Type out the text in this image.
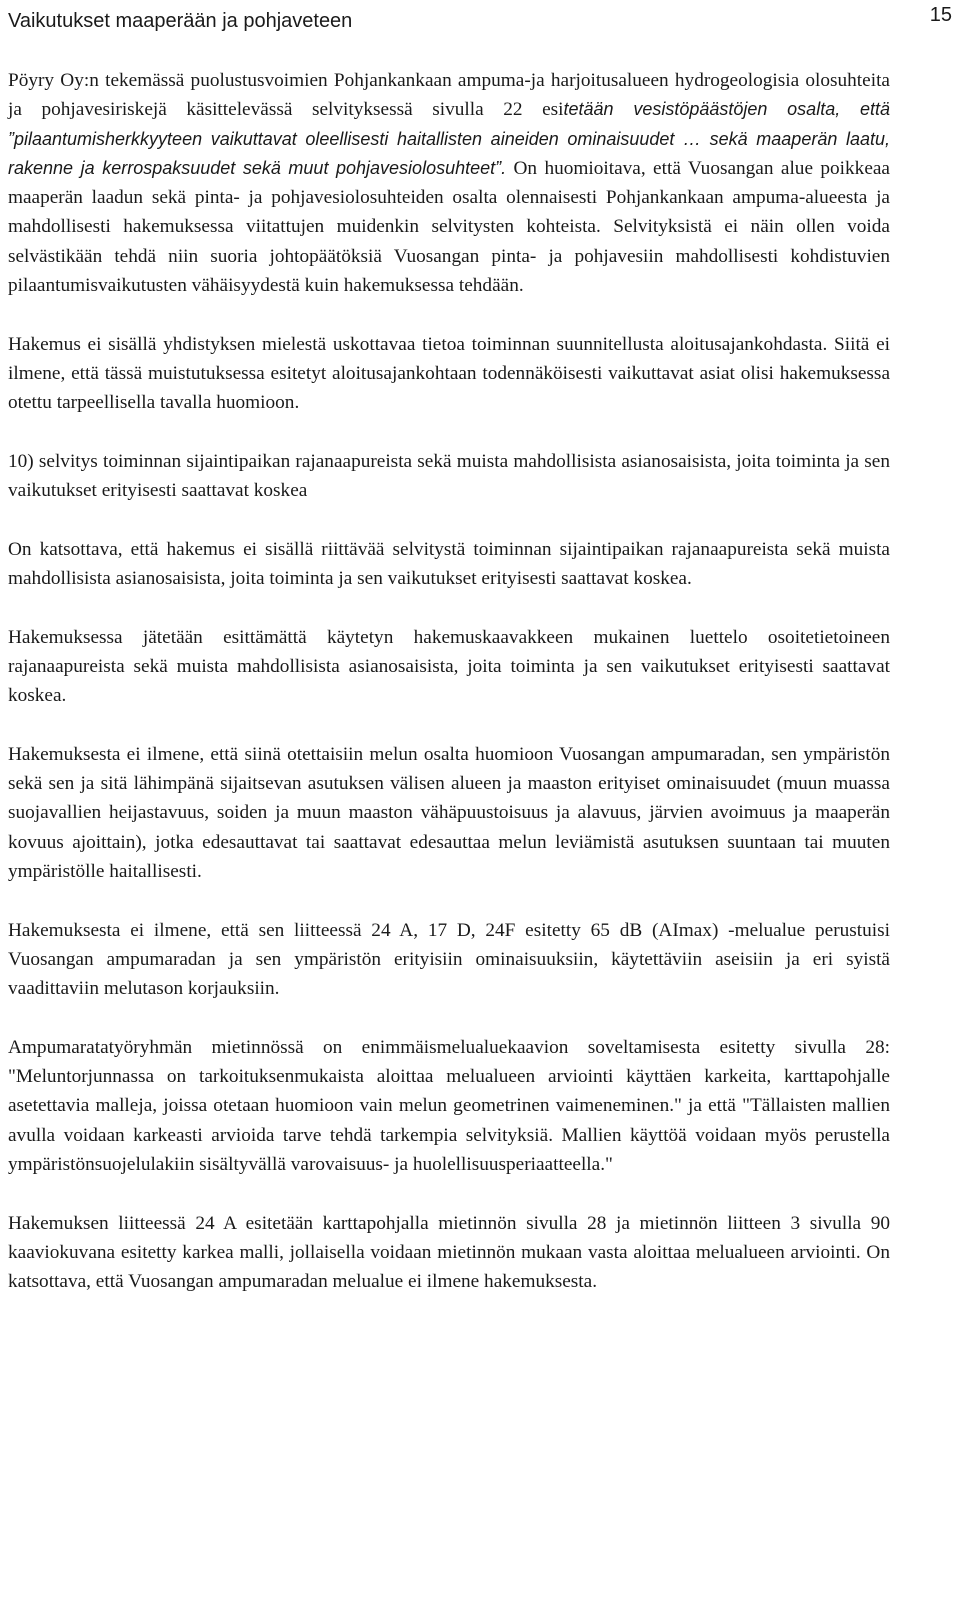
Vaikutukset maaperään ja pohjaveteen	15

Pöyry Oy:n tekemässä puolustusvoimien Pohjankankaan ampuma-ja harjoitusalueen hydrogeologisia olosuhteita ja pohjavesiriskejä käsittelevässä selvityksessä sivulla 22 esitetään vesistöpäästöjen osalta, että ”pilaantumisherkkyyteen vaikuttavat oleellisesti haitallisten aineiden ominaisuudet … sekä maaperän laatu, rakenne ja kerrospaksuudet sekä muut pohjavesiolosuhteet”. On huomioitava, että Vuosangan alue poikkeaa maaperän laadun sekä pinta- ja pohjavesiolosuhteiden osalta olennaisesti Pohjankankaan ampuma-alueesta ja mahdollisesti hakemuksessa viitattujen muidenkin selvitysten kohteista. Selvityksistä ei näin ollen voida selvästikään tehdä niin suoria johtopäätöksiä Vuosangan pinta- ja pohjavesiin mahdollisesti kohdistuvien pilaantumisvaikutusten vähäisyydestä kuin hakemuksessa tehdään.

Hakemus ei sisällä yhdistyksen mielestä uskottavaa tietoa toiminnan suunnitellusta aloitusajankohdasta. Siitä ei ilmene, että tässä muistutuksessa esitetyt aloitusajankohtaan todennäköisesti vaikuttavat asiat olisi hakemuksessa otettu tarpeellisella tavalla huomioon.

10) selvitys toiminnan sijaintipaikan rajanaapureista sekä muista mahdollisista asianosaisista, joita toiminta ja sen vaikutukset erityisesti saattavat koskea

On katsottava, että hakemus ei sisällä riittävää selvitystä toiminnan sijaintipaikan rajanaapureista sekä muista mahdollisista asianosaisista, joita toiminta ja sen vaikutukset erityisesti saattavat koskea.

Hakemuksessa jätetään esittämättä käytetyn hakemuskaavakkeen mukainen luettelo osoitetietoineen rajanaapureista sekä muista mahdollisista asianosaisista, joita toiminta ja sen vaikutukset erityisesti saattavat koskea.

Hakemuksesta ei ilmene, että siinä otettaisiin melun osalta huomioon Vuosangan ampumaradan, sen ympäristön sekä sen ja sitä lähimpänä sijaitsevan asutuksen välisen alueen ja maaston erityiset ominaisuudet (muun muassa suojavallien heijastavuus, soiden ja muun maaston vähäpuustoisuus ja alavuus, järvien avoimuus ja maaperän kovuus ajoittain), jotka edesauttavat tai saattavat edesauttaa melun leviämistä asutuksen suuntaan tai muuten ympäristölle haitallisesti.

Hakemuksesta ei ilmene, että sen liitteessä 24 A, 17 D, 24F esitetty 65 dB (AImax) -melualue perustuisi Vuosangan ampumaradan ja sen ympäristön erityisiin ominaisuuksiin, käytettäviin aseisiin ja eri syistä vaadittaviin melutason korjauksiin.

Ampumaratatyöryhmän mietinnössä on enimmäismelualuekaavion soveltamisesta esitetty sivulla 28: "Meluntorjunnassa on tarkoituksenmukaista aloittaa melualueen arviointi käyttäen karkeita, karttapohjalle asetettavia malleja, joissa otetaan huomioon vain melun geometrinen vaimeneminen." ja että "Tällaisten mallien avulla voidaan karkeasti arvioida tarve tehdä tarkempia selvityksiä. Mallien käyttöä voidaan myös perustella ympäristönsuojelulakiin sisältyvällä varovaisuus- ja huolellisuusperiaatteella."

Hakemuksen liitteessä 24 A esitetään karttapohjalla mietinnön sivulla 28 ja mietinnön liitteen 3 sivulla 90 kaaviokuvana esitetty karkea malli, jollaisella voidaan mietinnön mukaan vasta aloittaa melualueen arviointi. On katsottava, että Vuosangan ampumaradan melualue ei ilmene hakemuksesta.
